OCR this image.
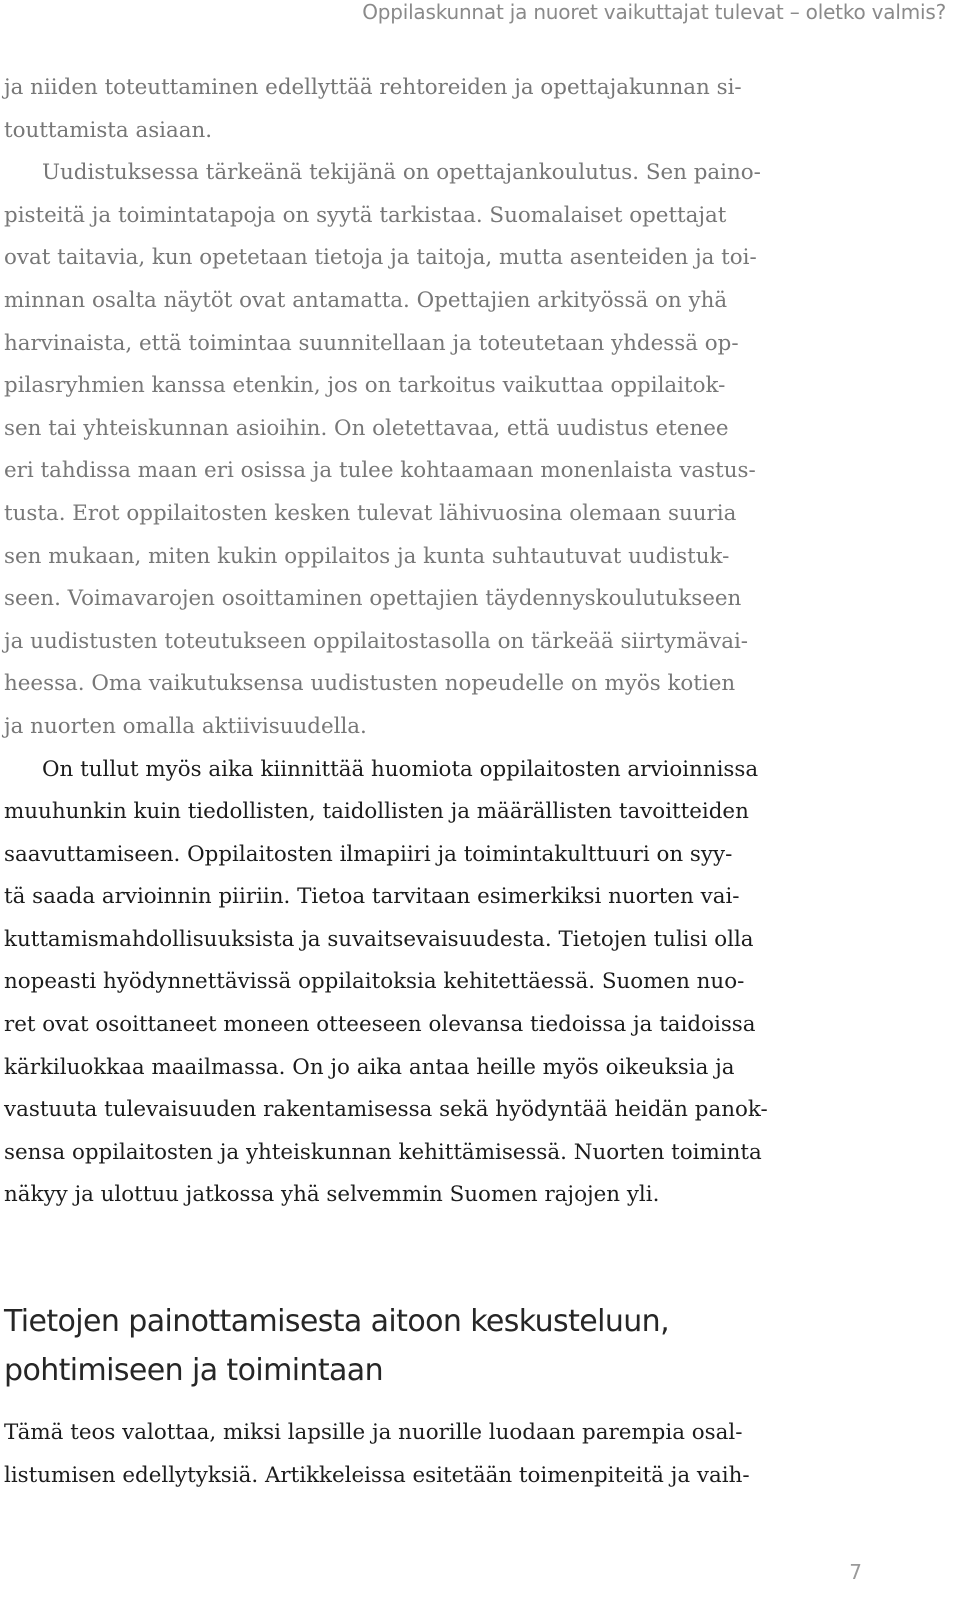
Oppilaskunnat ja nuoret vaikuttajat tulevat – oletko valmis?
ja niiden toteuttaminen edellyttää rehtoreiden ja opettajakunnan si-
touttamista asiaan.
Uudistuksessa tärkeänä tekijänä on opettajankoulutus. Sen paino-
pisteitä ja toimintatapoja on syytä tarkistaa. Suomalaiset opettajat
ovat taitavia, kun opetetaan tietoja ja taitoja, mutta asenteiden ja toi-
minnan osalta näytöt ovat antamatta. Opettajien arkityössä on yhä
harvinaista, että toimintaa suunnitellaan ja toteutetaan yhdessä op-
pilasryhmien kanssa etenkin, jos on tarkoitus vaikuttaa oppilaitok-
sen tai yhteiskunnan asioihin. On oletettavaa, että uudistus etenee
eri tahdissa maan eri osissa ja tulee kohtaamaan monenlaista vastus-
tusta. Erot oppilaitosten kesken tulevat lähivuosina olemaan suuria
sen mukaan, miten kukin oppilaitos ja kunta suhtautuvat uudistuk-
seen. Voimavarojen osoittaminen opettajien täydennyskoulutukseen
ja uudistusten toteutukseen oppilaitostasolla on tärkeää siirtymävai-
heessa. Oma vaikutuksensa uudistusten nopeudelle on myös kotien
ja nuorten omalla aktiivisuudella.
On tullut myös aika kiinnittää huomiota oppilaitosten arvioinnissa
muuhunkin kuin tiedollisten, taidollisten ja määrällisten tavoitteiden
saavuttamiseen. Oppilaitosten ilmapiiri ja toimintakulttuuri on syy-
tä saada arvioinnin piiriin. Tietoa tarvitaan esimerkiksi nuorten vai-
kuttamismahdollisuuksista ja suvaitsevaisuudesta. Tietojen tulisi olla
nopeasti hyödynnettävissä oppilaitoksia kehitettäessä. Suomen nuo-
ret ovat osoittaneet moneen otteeseen olevansa tiedoissa ja taidoissa
kärkiluokkaa maailmassa. On jo aika antaa heille myös oikeuksia ja
vastuuta tulevaisuuden rakentamisessa sekä hyödyntää heidän panok-
sensa oppilaitosten ja yhteiskunnan kehittämisessä. Nuorten toiminta
näkyy ja ulottuu jatkossa yhä selvemmin Suomen rajojen yli.
Tietojen painottamisesta aitoon keskusteluun,
pohtimiseen ja toimintaan
Tämä teos valottaa, miksi lapsille ja nuorille luodaan parempia osal-
listumisen edellytyksiä. Artikkeleissa esitetään toimenpiteitä ja vaih-
7
